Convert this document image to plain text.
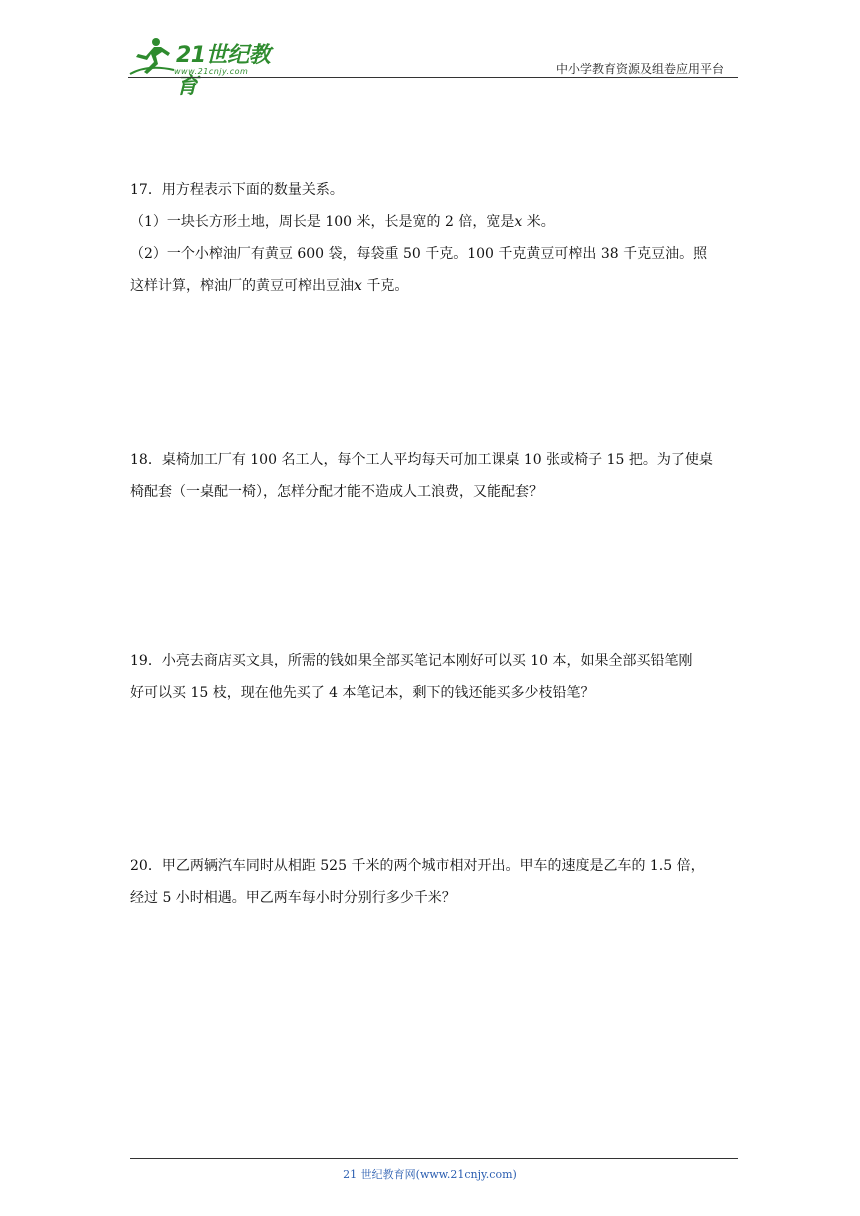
21世纪教育
www.21cnjy.com	中小学教育资源及组卷应用平台

17．用方程表示下面的数量关系。

（1）一块长方形土地，周长是 100 米，长是宽的 2 倍，宽是x 米。

（2）一个小榨油厂有黄豆 600 袋，每袋重 50 千克。100 千克黄豆可榨出 38 千克豆油。照

这样计算，榨油厂的黄豆可榨出豆油x 千克。

18．桌椅加工厂有 100 名工人，每个工人平均每天可加工课桌 10 张或椅子 15 把。为了使桌

椅配套（一桌配一椅），怎样分配才能不造成人工浪费，又能配套？

19．小亮去商店买文具，所需的钱如果全部买笔记本刚好可以买 10 本，如果全部买铅笔刚

好可以买 15 枝，现在他先买了 4 本笔记本，剩下的钱还能买多少枝铅笔？

20．甲乙两辆汽车同时从相距 525 千米的两个城市相对开出。甲车的速度是乙车的 1.5 倍，

经过 5 小时相遇。甲乙两车每小时分别行多少千米？

21 世纪教育网(www.21cnjy.com)
